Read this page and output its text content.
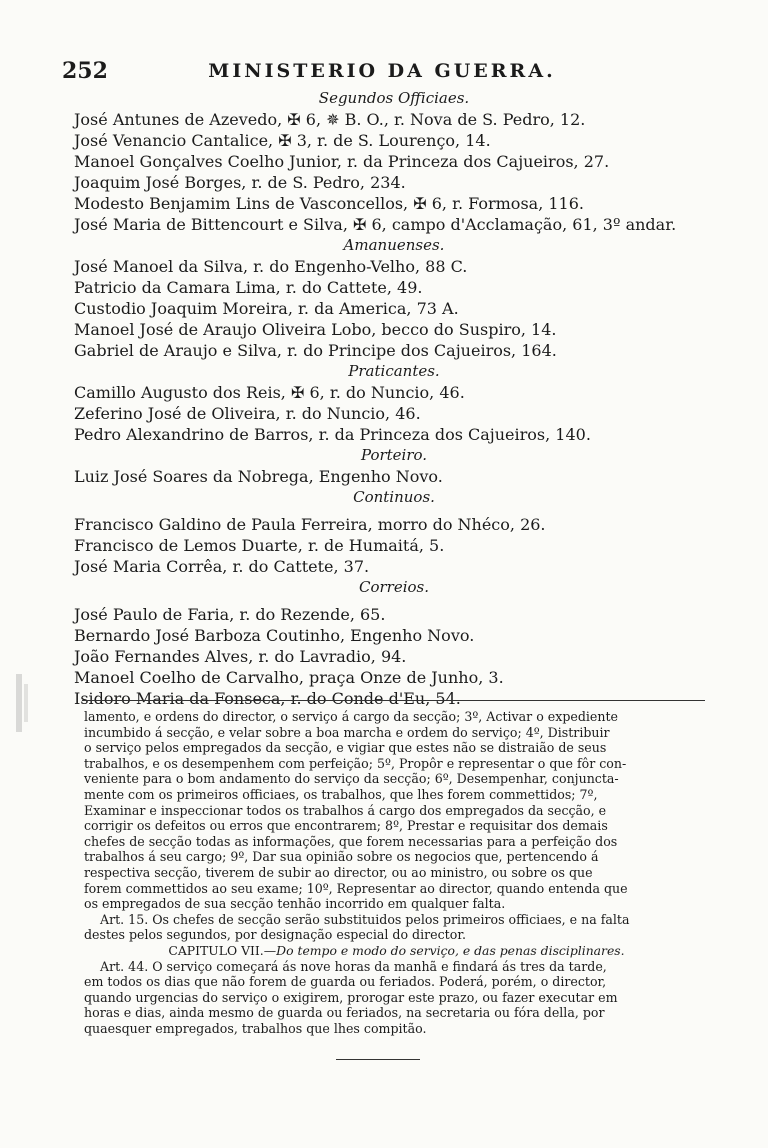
252	MINISTERIO DA GUERRA.
Segundos Officiaes.
José Antunes de Azevedo, ✠ 6, ✵ B. O., r. Nova de S. Pedro, 12.
José Venancio Cantalice, ✠ 3, r. de S. Lourenço, 14.
Manoel Gonçalves Coelho Junior, r. da Princeza dos Cajueiros, 27.
Joaquim José Borges, r. de S. Pedro, 234.
Modesto Benjamim Lins de Vasconcellos, ✠ 6, r. Formosa, 116.
José Maria de Bittencourt e Silva, ✠ 6, campo d'Acclamação, 61, 3º andar.
Amanuenses.
José Manoel da Silva, r. do Engenho-Velho, 88 C.
Patricio da Camara Lima, r. do Cattete, 49.
Custodio Joaquim Moreira, r. da America, 73 A.
Manoel José de Araujo Oliveira Lobo, becco do Suspiro, 14.
Gabriel de Araujo e Silva, r. do Principe dos Cajueiros, 164.
Praticantes.
Camillo Augusto dos Reis, ✠ 6, r. do Nuncio, 46.
Zeferino José de Oliveira, r. do Nuncio, 46.
Pedro Alexandrino de Barros, r. da Princeza dos Cajueiros, 140.
Porteiro.
Luiz José Soares da Nobrega, Engenho Novo.
Continuos.
Francisco Galdino de Paula Ferreira, morro do Nhéco, 26.
Francisco de Lemos Duarte, r. de Humaitá, 5.
José Maria Corrêa, r. do Cattete, 37.
Correios.
José Paulo de Faria, r. do Rezende, 65.
Bernardo José Barboza Coutinho, Engenho Novo.
João Fernandes Alves, r. do Lavradio, 94.
Manoel Coelho de Carvalho, praça Onze de Junho, 3.
Isidoro Maria da Fonseca, r. do Conde d'Eu, 54.

lamento, e ordens do director, o serviço á cargo da secção; 3º, Activar o expediente
incumbido á secção, e velar sobre a boa marcha e ordem do serviço; 4º, Distribuir
o serviço pelos empregados da secção, e vigiar que estes não se distraião de seus
trabalhos, e os desempenhem com perfeição; 5º, Propôr e representar o que fôr con-
veniente para o bom andamento do serviço da secção; 6º, Desempenhar, conjuncta-
mente com os primeiros officiaes, os trabalhos, que lhes forem commettidos; 7º,
Examinar e inspeccionar todos os trabalhos á cargo dos empregados da secção, e
corrigir os defeitos ou erros que encontrarem; 8º, Prestar e requisitar dos demais
chefes de secção todas as informações, que forem necessarias para a perfeição dos
trabalhos á seu cargo; 9º, Dar sua opinião sobre os negocios que, pertencendo á
respectiva secção, tiverem de subir ao director, ou ao ministro, ou sobre os que
forem commettidos ao seu exame; 10º, Representar ao director, quando entenda que
os empregados de sua secção tenhão incorrido em qualquer falta.

Art. 15. Os chefes de secção serão substituidos pelos primeiros officiaes, e na falta
destes pelos segundos, por designação especial do director.

CAPITULO VII.—Do tempo e modo do serviço, e das penas disciplinares.

Art. 44. O serviço começará ás nove horas da manhã e findará ás tres da tarde,
em todos os dias que não forem de guarda ou feriados. Poderá, porém, o director,
quando urgencias do serviço o exigirem, prorogar este prazo, ou fazer executar em
horas e dias, ainda mesmo de guarda ou feriados, na secretaria ou fóra della, por
quaesquer empregados, trabalhos que lhes compitão.
